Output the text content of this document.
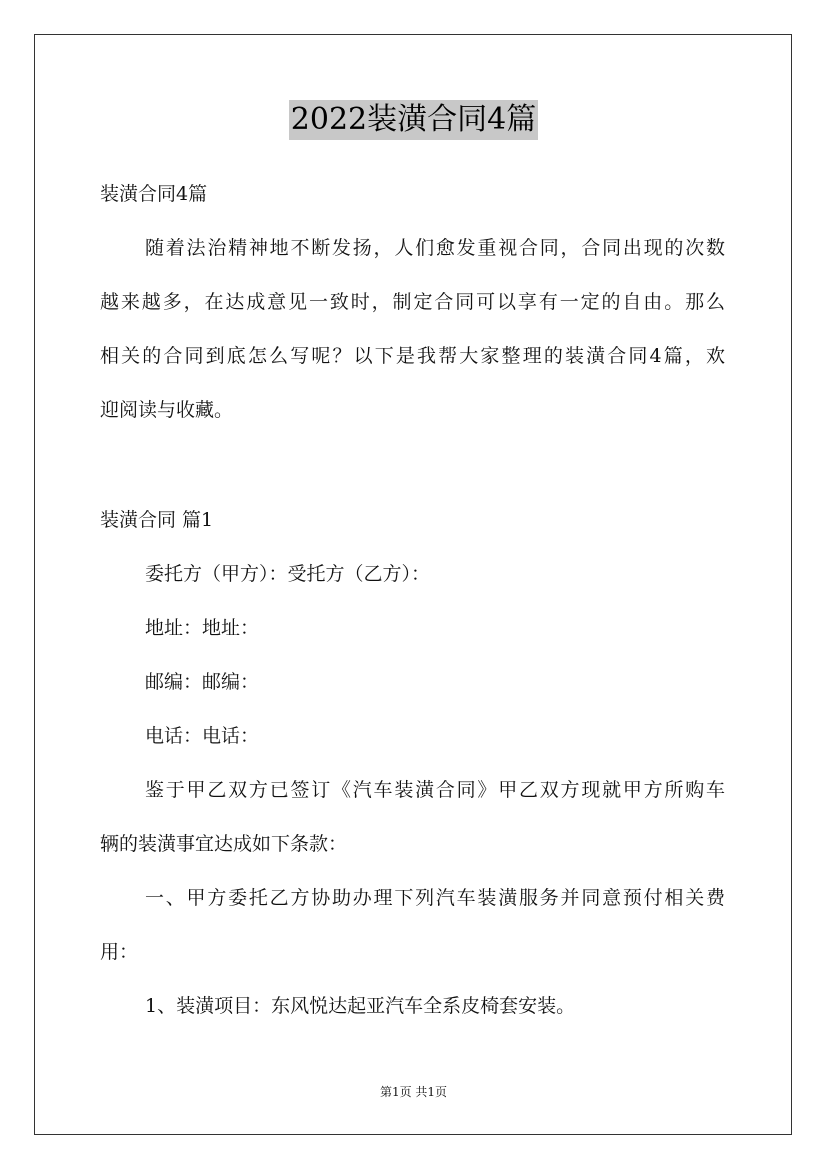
2022装潢合同4篇
装潢合同4篇
随着法治精神地不断发扬，人们愈发重视合同，合同出现的次数
越来越多，在达成意见一致时，制定合同可以享有一定的自由。那么
相关的合同到底怎么写呢？以下是我帮大家整理的装潢合同4篇，欢
迎阅读与收藏。
装潢合同 篇1
委托方（甲方）：受托方（乙方）：
地址：地址：
邮编：邮编：
电话：电话：
鉴于甲乙双方已签订《汽车装潢合同》甲乙双方现就甲方所购车
辆的装潢事宜达成如下条款：
一、甲方委托乙方协助办理下列汽车装潢服务并同意预付相关费
用：
1、装潢项目：东风悦达起亚汽车全系皮椅套安装。
第1页 共1页
